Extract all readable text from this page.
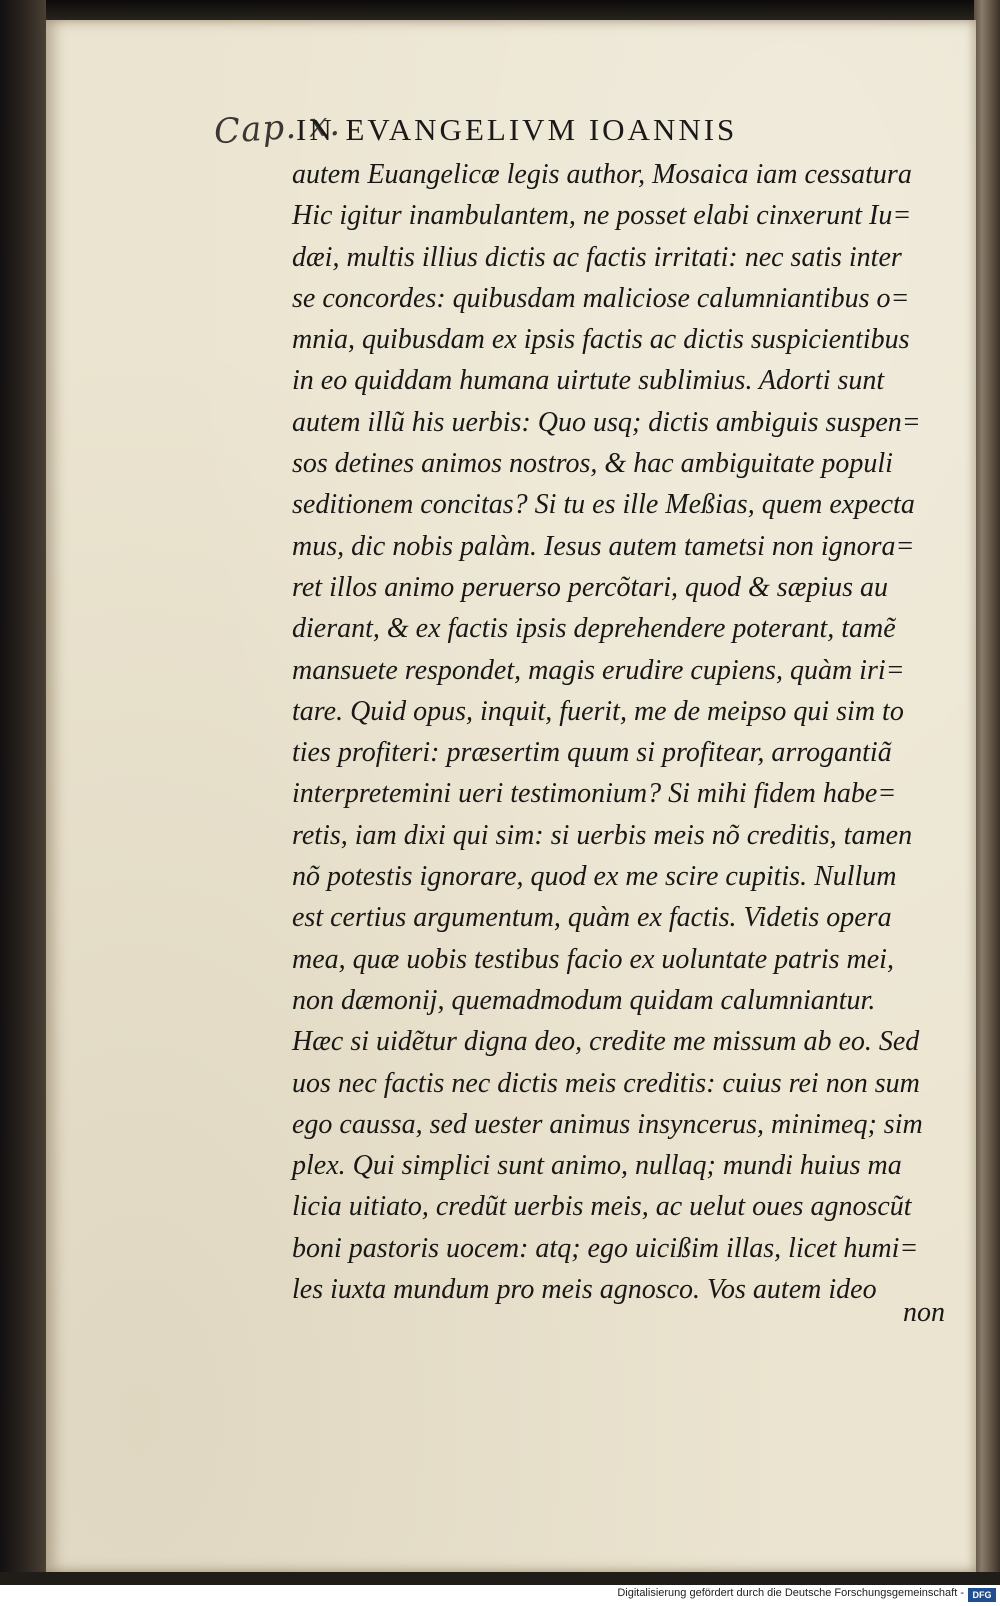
Cap. x.
IN EVANGELIVM IOANNIS
autem Euangelicæ legis author, Mosaica iam cessatura
Hic igitur inambulantem, ne posset elabi cinxerunt Iu=
dæi, multis illius dictis ac factis irritati: nec satis inter
se concordes: quibusdam maliciose calumniantibus o=
mnia, quibusdam ex ipsis factis ac dictis suspicientibus
in eo quiddam humana uirtute sublimius. Adorti sunt
autem illũ his uerbis: Quo usq; dictis ambiguis suspen=
sos detines animos nostros, & hac ambiguitate populi
seditionem concitas? Si tu es ille Meßias, quem expecta
mus, dic nobis palàm. Iesus autem tametsi non ignora=
ret illos animo peruerso percõtari, quod & sæpius au
dierant, & ex factis ipsis deprehendere poterant, tamẽ
mansuete respondet, magis erudire cupiens, quàm iri=
tare. Quid opus, inquit, fuerit, me de meipso qui sim to
ties profiteri: præsertim quum si profitear, arrogantiã
interpretemini ueri testimonium? Si mihi fidem habe=
retis, iam dixi qui sim: si uerbis meis nõ creditis, tamen
nõ potestis ignorare, quod ex me scire cupitis. Nullum
est certius argumentum, quàm ex factis. Videtis opera
mea, quæ uobis testibus facio ex uoluntate patris mei,
non dæmonij, quemadmodum quidam calumniantur.
Hæc si uidẽtur digna deo, credite me missum ab eo. Sed
uos nec factis nec dictis meis creditis: cuius rei non sum
ego caussa, sed uester animus insyncerus, minimeq; sim
plex. Qui simplici sunt animo, nullaq; mundi huius ma
licia uitiato, credũt uerbis meis, ac uelut oues agnoscũt
boni pastoris uocem: atq; ego uicißim illas, licet humi=
les iuxta mundum pro meis agnosco. Vos autem ideo
non
Digitalisierung gefördert durch die Deutsche Forschungsgemeinschaft - DFG
